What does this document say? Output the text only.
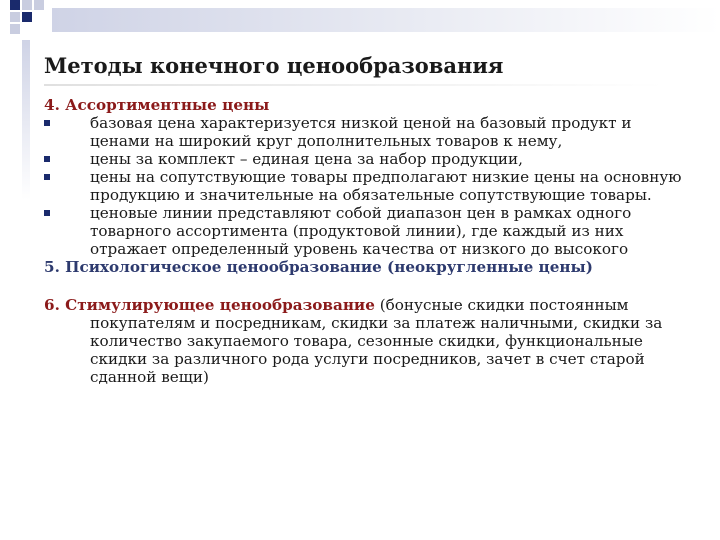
Методы конечного ценообразования
4. Ассортиментные цены
базовая цена характеризуется низкой ценой на базовый продукт и ценами на широкий круг дополнительных товаров к нему,
цены за комплект – единая цена за набор продукции,
цены на сопутствующие товары предполагают низкие цены на основную продукцию и значительные на обязательные сопутствующие товары.
ценовые линии представляют собой диапазон цен в рамках одного товарного ассортимента (продуктовой линии), где каждый из них отражает определенный уровень качества от низкого до высокого
5. Психологическое ценообразование (неокругленные цены)
6. Стимулирующее ценообразование (бонусные скидки постоянным покупателям и посредникам, скидки за платеж наличными, скидки за количество закупаемого товара, сезонные скидки, функциональные скидки за различного рода услуги посредников, зачет в счет старой сданной вещи)
